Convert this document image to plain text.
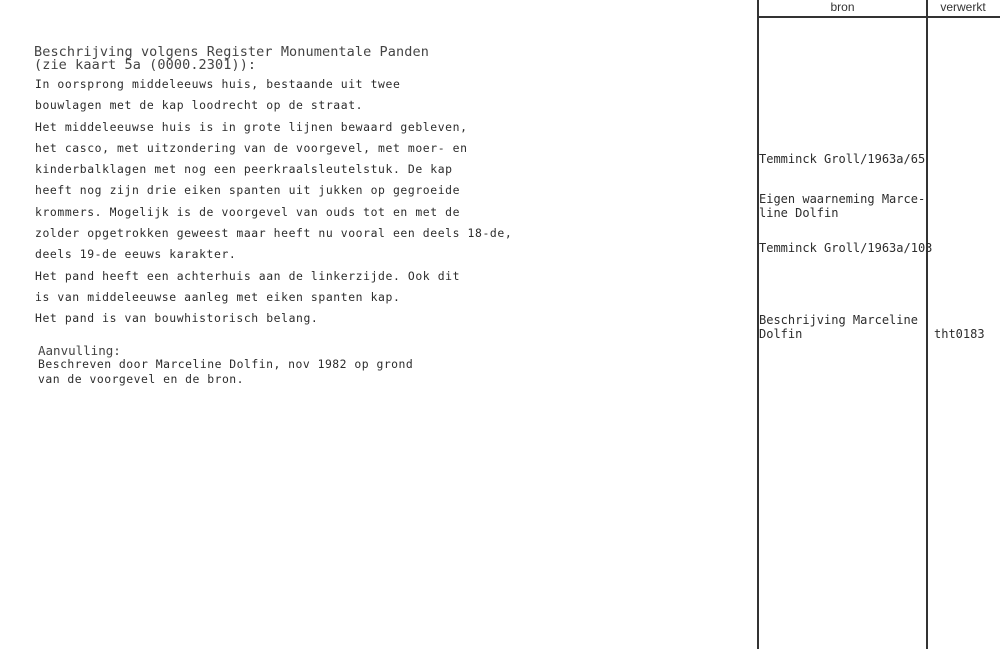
bron	verwerkt
Beschrijving volgens Register Monumentale Panden
(zie kaart 5a (0000.2301)):
In oorsprong middeleeuws huis, bestaande uit twee
bouwlagen met de kap loodrecht op de straat.
Het middeleeuwse huis is in grote lijnen bewaard gebleven,
het casco, met uitzondering van de voorgevel, met moer- en
kinderbalklagen met nog een peerkraalsleutelstuk. De kap
heeft nog zijn drie eiken spanten uit jukken op gegroeide
krommers. Mogelijk is de voorgevel van ouds tot en met de
zolder opgetrokken geweest maar heeft nu vooral een deels 18-de,
deels 19-de eeuws karakter.
Het pand heeft een achterhuis aan de linkerzijde. Ook dit
is van middeleeuwse aanleg met eiken spanten kap.
Het pand is van bouwhistorisch belang.
Aanvulling:
Beschreven door Marceline Dolfin, nov 1982 op grond
van de voorgevel en de bron.
Temminck Groll/1963a/65
Eigen waarneming Marce-
line Dolfin
Temminck Groll/1963a/103
Beschrijving Marceline
Dolfin	tht0183
